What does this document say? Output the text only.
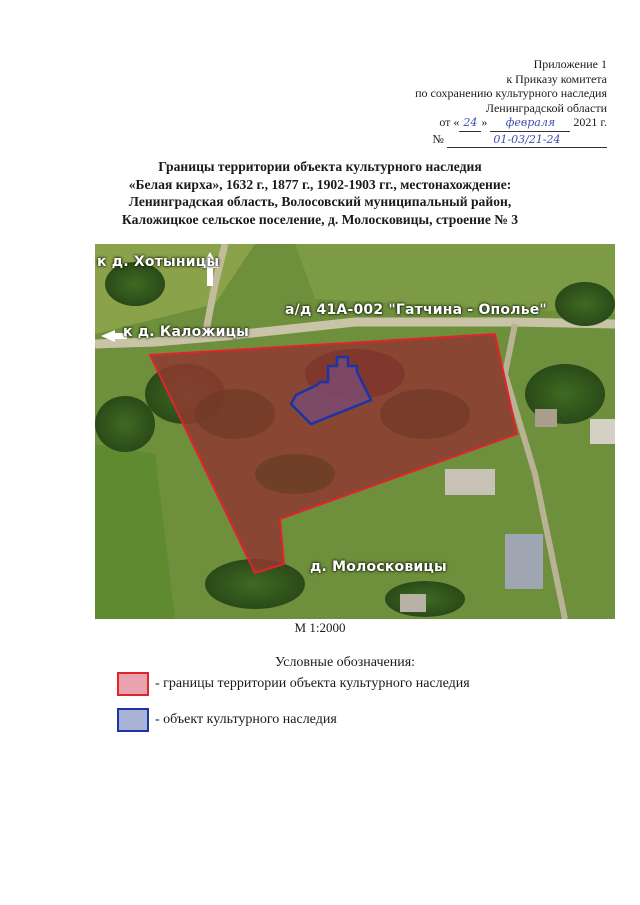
Приложение 1
к Приказу комитета
по сохранению культурного наследия
Ленинградской области
от « 24 » февраля 2021 г.
№	01-03/21-24
Границы территории объекта культурного наследия
«Белая кирха», 1632 г., 1877 г., 1902-1903 гг., местонахождение:
Ленинградская область, Волосовский муниципальный район,
Каложицкое сельское поселение, д. Молосковицы, строение № 3
к д. Хотыницы
к д. Каложицы
а/д 41А-002 "Гатчина - Ополье"
д. Молосковицы
М 1:2000
Условные обозначения:
- границы территории объекта культурного наследия
- объект культурного наследия
